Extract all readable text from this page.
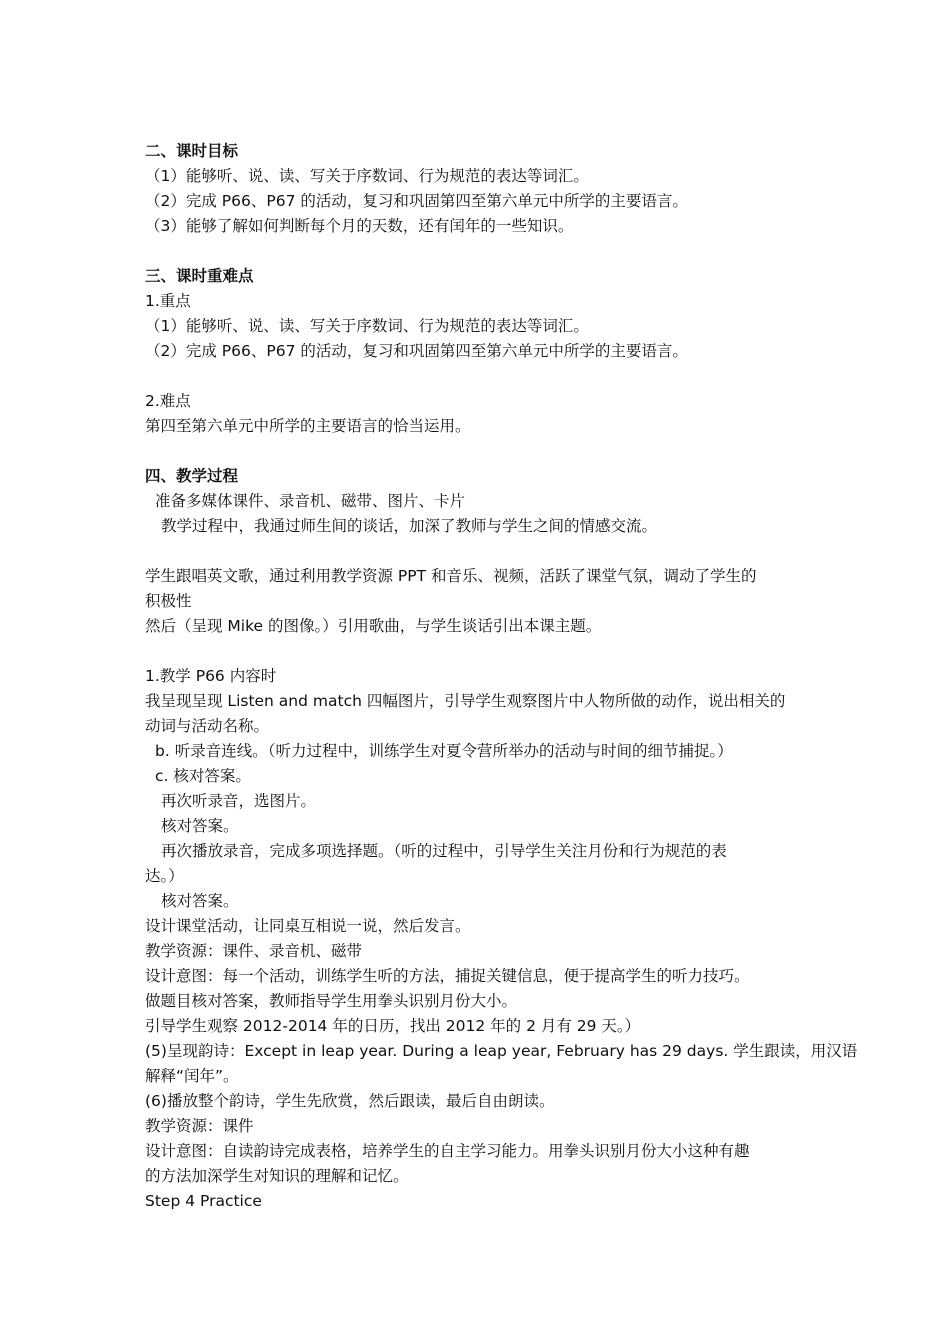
二、课时目标
（1）能够听、说、读、写关于序数词、行为规范的表达等词汇。
（2）完成 P66、P67 的活动，复习和巩固第四至第六单元中所学的主要语言。
（3）能够了解如何判断每个月的天数，还有闰年的一些知识。
三、课时重难点
1.重点
（1）能够听、说、读、写关于序数词、行为规范的表达等词汇。
（2）完成 P66、P67 的活动，复习和巩固第四至第六单元中所学的主要语言。
2.难点
第四至第六单元中所学的主要语言的恰当运用。
四、教学过程
准备多媒体课件、录音机、磁带、图片、卡片
教学过程中，我通过师生间的谈话，加深了教师与学生之间的情感交流。
学生跟唱英文歌，通过利用教学资源 PPT 和音乐、视频，活跃了课堂气氛，调动了学生的
积极性
然后（呈现 Mike 的图像。）引用歌曲，与学生谈话引出本课主题。
1.教学 P66 内容时
我呈现呈现 Listen and match 四幅图片，引导学生观察图片中人物所做的动作，说出相关的
动词与活动名称。
b. 听录音连线。（听力过程中，训练学生对夏令营所举办的活动与时间的细节捕捉。）
c. 核对答案。
再次听录音，选图片。
核对答案。
再次播放录音，完成多项选择题。（听的过程中，引导学生关注月份和行为规范的表
达。）
核对答案。
设计课堂活动，让同桌互相说一说，然后发言。
教学资源：课件、录音机、磁带
设计意图：每一个活动，训练学生听的方法，捕捉关键信息，便于提高学生的听力技巧。
做题目核对答案，教师指导学生用拳头识别月份大小。
引导学生观察 2012-2014 年的日历，找出 2012 年的 2 月有 29 天。）
(5)呈现韵诗：Except in leap year. During a leap year, February has 29 days. 学生跟读，用汉语
解释“闰年”。
(6)播放整个韵诗，学生先欣赏，然后跟读，最后自由朗读。
教学资源：课件
设计意图：自读韵诗完成表格，培养学生的自主学习能力。用拳头识别月份大小这种有趣
的方法加深学生对知识的理解和记忆。
Step 4 Practice
